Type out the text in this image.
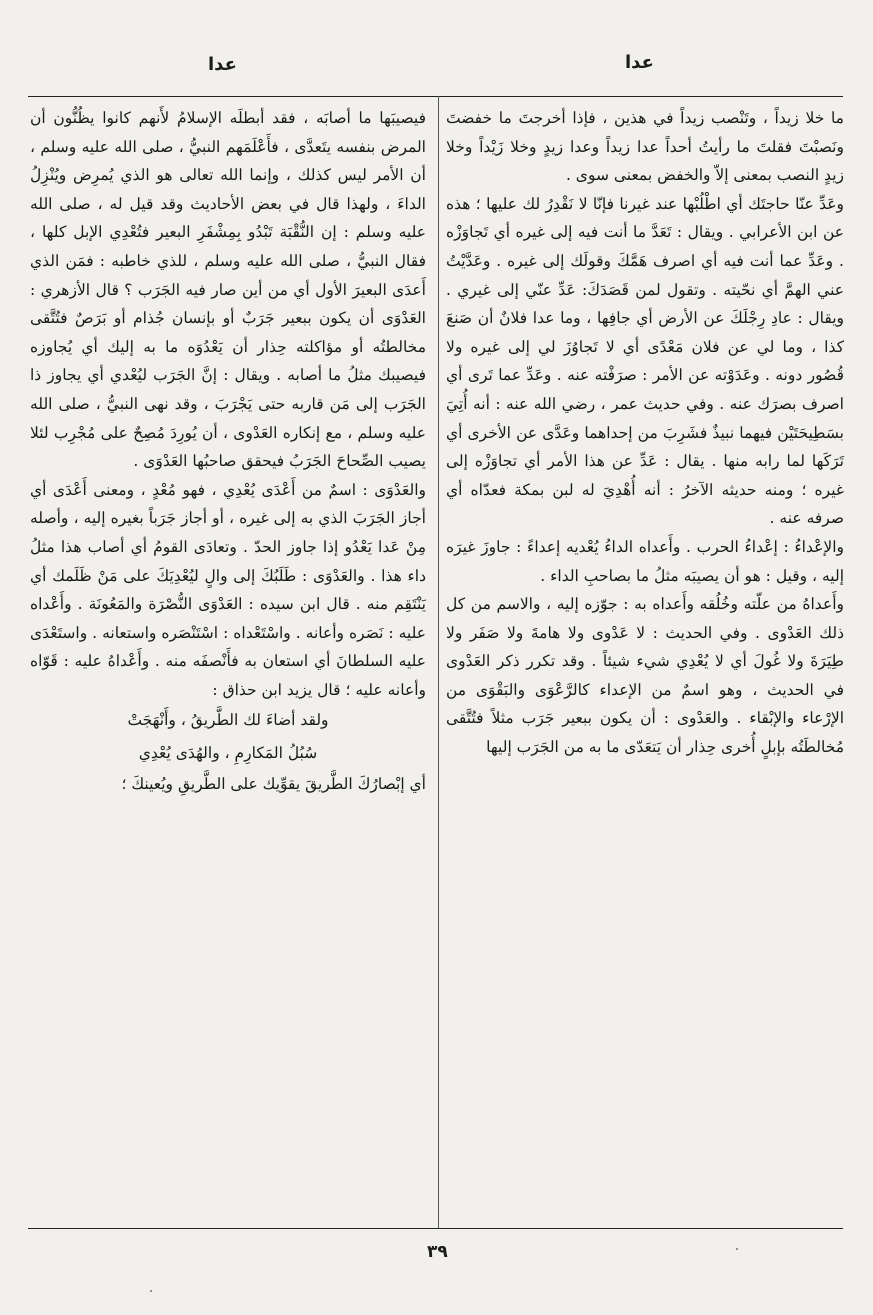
عدا	عدا

ما خلا زيداً ، وتَنْصب زيداً في هذين ، فإذا أخرجتَ ما خفضتَ ونَصبْتَ فقلتَ ما رأيتُ أحداً عدا زيداً وعدا زيدٍ وخلا زَيْداً وخلا زيدٍ النصب بمعنى إلاّ والخفض بمعنى سوى .

وعَدِّ عنّا حاجتَك أي اطْلُبْها عند غيرنا فإنّا لا نَقْدِرُ لك عليها ؛ هذه عن ابن الأعرابي . ويقال : تَعَدَّ ما أنت فيه إلى غيره أي تَجاوَزْه . وعَدِّ عما أنت فيه أي اصرف هَمَّكَ وقولَك إلى غيره . وعَدَّيْتُ عني الهمَّ أي نحّيته . وتقول لمن قَصَدَكَ: عَدِّ عنّي إلى غيري . ويقال : عادِ رِجْلَكَ عن الأرض أي جافِها ، وما عدا فلانٌ أن صَنعَ كذا ، وما لي عن فلان مَعْدًى أي لا تَجاوُزَ لي إلى غيره ولا قُصُور دونه . وعَدَوْته عن الأمر : صرَفْته عنه . وعَدِّ عما تَرى أي اصرف بصرَك عنه . وفي حديث عمر ، رضي الله عنه : أنه أُتِيَ بسَطِيحَتَيْن فيهما نبيذٌ فشَرِبَ من إحداهما وعَدَّى عن الأخرى أي تَرَكَها لما رابه منها . يقال : عَدِّ عن هذا الأمر أي تجاوَزْه إلى غيره ؛ ومنه حديثه الآخرُ : أنه أُهْدِيَ له لبن بمكة فعدّاه أي صرفه عنه .

والإعْداءُ : إعْداءُ الحرب . وأَعداه الداءُ يُعْديه إعداءً : جاوزَ غيرَه إليه ، وقيل : هو أن يصيبَه مثلُ ما بصاحبِ الداء .

وأَعداهُ من علّته وخُلُقه وأَعداه به : جوّزه إليه ، والاسم من كل ذلك العَدْوى . وفي الحديث : لا عَدْوى ولا هامةَ ولا صَفَر ولا طِيَرَةَ ولا غُولَ أي لا يُعْدِي شيء شيئاً . وقد تكرر ذكر العَدْوى في الحديث ، وهو اسمٌ من الإعداء كالرَّعْوَى والبَقْوَى من الإرْعاء والإبْقاء . والعَدْوى : أن يكون ببعير جَرَب مثلاً فتُتَّقى مُخالطَتُه بإبلٍ أُخرى حِذار أن يَتعَدّى ما به من الجَرَب إليها

فيصيبَها ما أصابَه ، فقد أبطلَه الإسلامُ لأَنهم كانوا يظُنُّون أن المرض بنفسه يتَعدَّى ، فأَعْلَمَهم النبيُّ ، صلى الله عليه وسلم ، أن الأمر ليس كذلك ، وإنما الله تعالى هو الذي يُمرِض ويُنْزِلُ الداءَ ، ولهذا قال في بعض الأحاديث وقد قيل له ، صلى الله عليه وسلم : إن النُّقْبَة تَبْدُو بِمِشْفَرِ البعير فتُعْدِي الإبل كلها ، فقال النبيُّ ، صلى الله عليه وسلم ، للذي خاطبه : فمَن الذي أَعدَى البعيرَ الأول أي من أين صار فيه الجَرَب ؟ قال الأزهري : العَدْوَى أن يكون ببعير جَرَبٌ أو بإنسان جُذام أو بَرَصٌ فتُتَّقى مخالطتُه أو مؤاكلته حِذار أن يَعْدُوَه ما به إليك أي يُجاوزه فيصيبك مثلُ ما أصابه . ويقال : إنَّ الجَرَب ليُعْدي أي يجاوز ذا الجَرَب إلى مَن قاربه حتى يَجْرَبَ ، وقد نهى النبيُّ ، صلى الله عليه وسلم ، مع إنكاره العَدْوى ، أن يُورِدَ مُصِحٌ على مُجْرِب لئلا يصيب الصِّحاحَ الجَرَبُ فيحقق صاحبُها العَدْوَى .

والعَدْوَى : اسمٌ من أَعْدَى يُعْدِي ، فهو مُعْدٍ ، ومعنى أَعْدَى أي أجاز الجَرَبَ الذي به إلى غيره ، أو أجاز جَرَباً بغيره إليه ، وأصله مِنْ عَدا يَعْدُو إذا جاوز الحدّ . وتعادَى القومُ أي أصاب هذا مثلُ داء هذا . والعَدْوَى : طَلَبُكَ إلى والٍ ليُعْدِيَكَ على مَنْ ظَلَمك أي يَنْتَقِم منه . قال ابن سيده : العَدْوَى النُّصْرَة والمَعُونَة . وأَعْداه عليه : نَصَره وأعانه . واسْتَعْداه : اسْتَنْصَره واستعانه . واستَعْدَى عليه السلطانَ أي استعان به فأَنْصفَه منه . وأَعْداهُ عليه : قَوّاه وأعانه عليه ؛ قال يزيد ابن حذاق :

ولقد أضاءَ لك الطَّريقُ ، وأَنْهَجَتْ

سُبُلُ المَكارِمِ ، والهُدَى يُعْدِي

أي إبْصارُكَ الطَّريقَ يقوِّيك على الطَّريقِ ويُعينكَ ؛

٣٩
